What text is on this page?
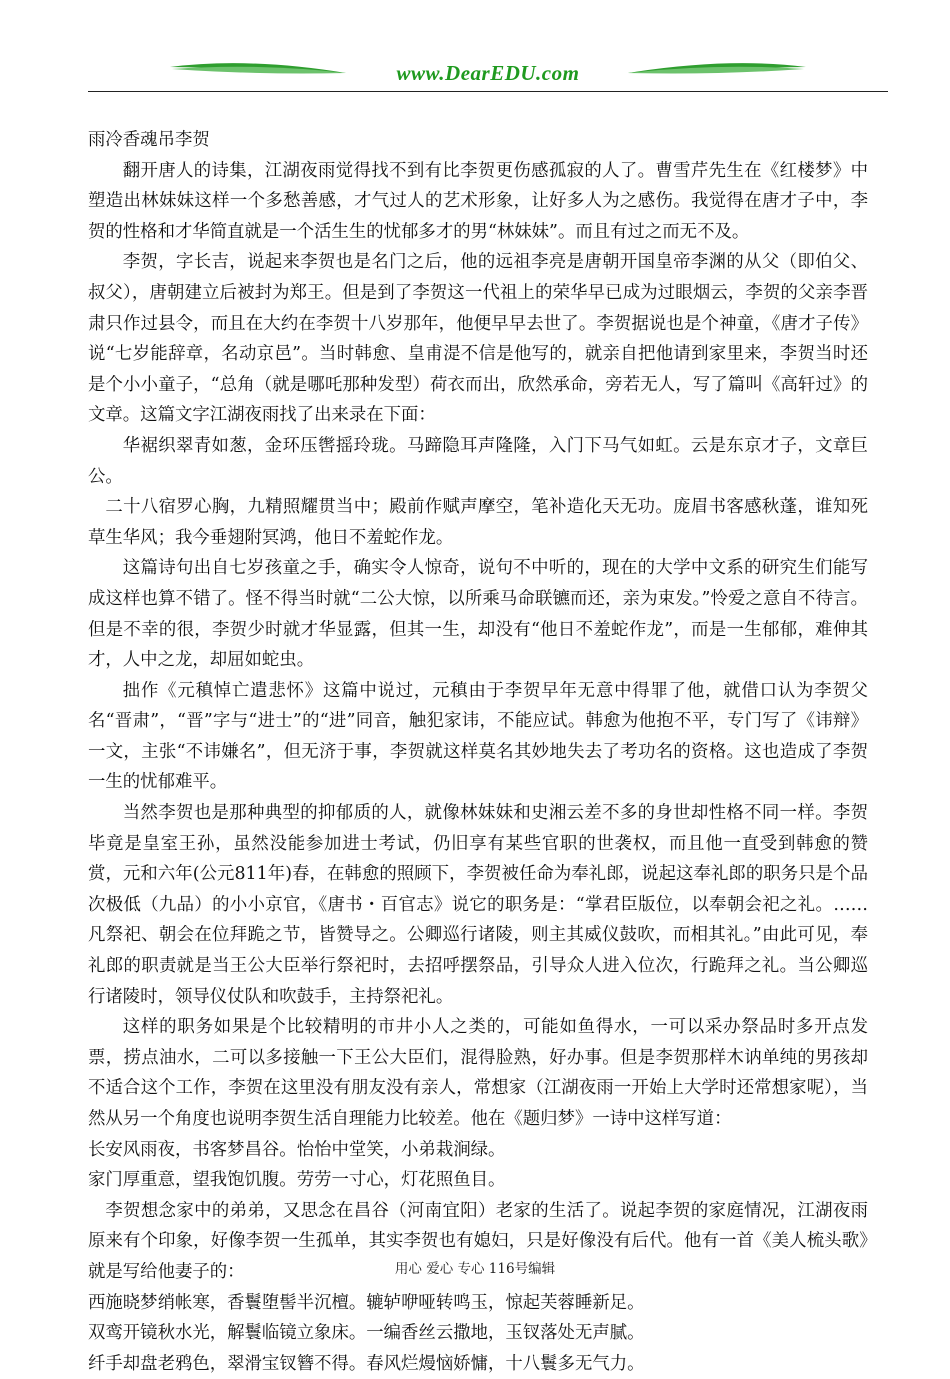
www.DearEDU.com

雨冷香魂吊李贺

翻开唐人的诗集，江湖夜雨觉得找不到有比李贺更伤感孤寂的人了。曹雪芹先生在《红楼梦》中塑造出林妹妹这样一个多愁善感，才气过人的艺术形象，让好多人为之感伤。我觉得在唐才子中，李贺的性格和才华简直就是一个活生生的忧郁多才的男“林妹妹”。而且有过之而无不及。

李贺，字长吉，说起来李贺也是名门之后，他的远祖李亮是唐朝开国皇帝李渊的从父（即伯父、叔父），唐朝建立后被封为郑王。但是到了李贺这一代祖上的荣华早已成为过眼烟云，李贺的父亲李晋肃只作过县令，而且在大约在李贺十八岁那年，他便早早去世了。李贺据说也是个神童，《唐才子传》说“七岁能辞章，名动京邑”。当时韩愈、皇甫湜不信是他写的，就亲自把他请到家里来，李贺当时还是个小小童子，“总角（就是哪吒那种发型）荷衣而出，欣然承命，旁若无人，写了篇叫《高轩过》的文章。这篇文字江湖夜雨找了出来录在下面：

华裾织翠青如葱，金环压辔摇玲珑。马蹄隐耳声隆隆，入门下马气如虹。云是东京才子，文章巨公。

二十八宿罗心胸，九精照耀贯当中；殿前作赋声摩空，笔补造化天无功。庞眉书客感秋蓬，谁知死草生华风；我今垂翅附冥鸿，他日不羞蛇作龙。

这篇诗句出自七岁孩童之手，确实令人惊奇，说句不中听的，现在的大学中文系的研究生们能写成这样也算不错了。怪不得当时就“二公大惊，以所乘马命联镳而还，亲为束发。”怜爱之意自不待言。但是不幸的很，李贺少时就才华显露，但其一生，却没有“他日不羞蛇作龙”，而是一生郁郁，难伸其才，人中之龙，却屈如蛇虫。

拙作《元稹悼亡遣悲怀》这篇中说过，元稹由于李贺早年无意中得罪了他，就借口认为李贺父名“晋肃”，“晋”字与“进士”的“进”同音，触犯家讳，不能应试。韩愈为他抱不平，专门写了《讳辩》一文，主张“不讳嫌名”，但无济于事，李贺就这样莫名其妙地失去了考功名的资格。这也造成了李贺一生的忧郁难平。

当然李贺也是那种典型的抑郁质的人，就像林妹妹和史湘云差不多的身世却性格不同一样。李贺毕竟是皇室王孙，虽然没能参加进士考试，仍旧享有某些官职的世袭权，而且他一直受到韩愈的赞赏，元和六年(公元811年)春，在韩愈的照顾下，李贺被任命为奉礼郎，说起这奉礼郎的职务只是个品次极低（九品）的小小京官，《唐书・百官志》说它的职务是：“掌君臣版位，以奉朝会祀之礼。……凡祭祀、朝会在位拜跪之节，皆赞导之。公卿巡行诸陵，则主其威仪鼓吹，而相其礼。”由此可见，奉礼郎的职责就是当王公大臣举行祭祀时，去招呼摆祭品，引导众人进入位次，行跪拜之礼。当公卿巡行诸陵时，领导仪仗队和吹鼓手，主持祭祀礼。

这样的职务如果是个比较精明的市井小人之类的，可能如鱼得水，一可以采办祭品时多开点发票，捞点油水，二可以多接触一下王公大臣们，混得脸熟，好办事。但是李贺那样木讷单纯的男孩却不适合这个工作，李贺在这里没有朋友没有亲人，常想家（江湖夜雨一开始上大学时还常想家呢），当然从另一个角度也说明李贺生活自理能力比较差。他在《题归梦》一诗中这样写道：

长安风雨夜，书客梦昌谷。怡怡中堂笑，小弟栽涧绿。

家门厚重意，望我饱饥腹。劳劳一寸心，灯花照鱼目。

李贺想念家中的弟弟，又思念在昌谷（河南宜阳）老家的生活了。说起李贺的家庭情况，江湖夜雨原来有个印象，好像李贺一生孤单，其实李贺也有媳妇，只是好像没有后代。他有一首《美人梳头歌》就是写给他妻子的：

西施晓梦绡帐寒，香鬟堕髻半沉檀。辘轳咿哑转鸣玉，惊起芙蓉睡新足。

双鸾开镜秋水光，解鬟临镜立象床。一编香丝云撒地，玉钗落处无声腻。

纤手却盘老鸦色，翠滑宝钗簪不得。春风烂熳恼娇慵，十八鬟多无气力。

用心 爱心 专心 116号编辑
